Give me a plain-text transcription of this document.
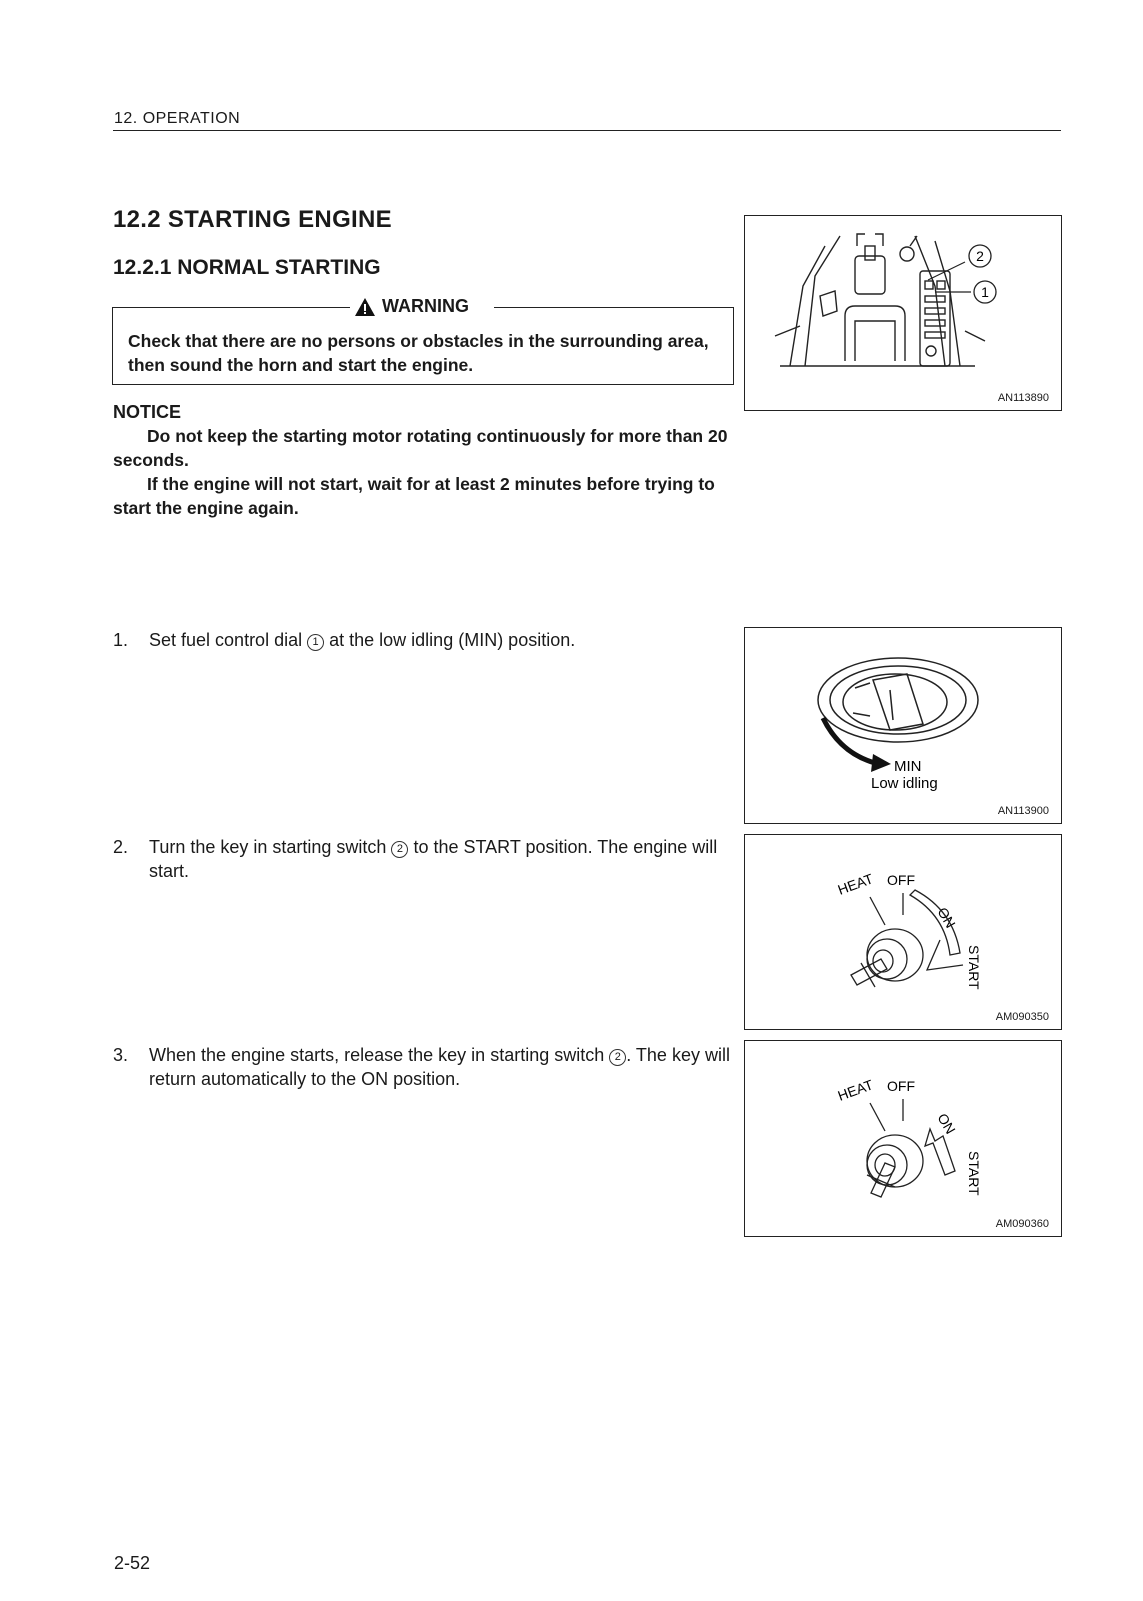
12. OPERATION
12.2 STARTING ENGINE
12.2.1 NORMAL STARTING
WARNING
Check that there are no persons or obstacles in the surrounding area, then sound the horn and start the engine.
NOTICE
Do not keep the starting motor rotating continuously for more than 20 seconds.
If the engine will not start, wait for at least 2 minutes before trying to start the engine again.
1. Set fuel control dial 1 at the low idling (MIN) position.
2. Turn the key in starting switch 2 to the START position. The engine will start.
3. When the engine starts, release the key in starting switch 2 . The key will return automatically to the ON position.
2
1
AN113890
MIN
Low idling
AN113900
HEAT OFF
ON
START
AM090350
HEAT OFF
ON
START
AM090360
2-52
